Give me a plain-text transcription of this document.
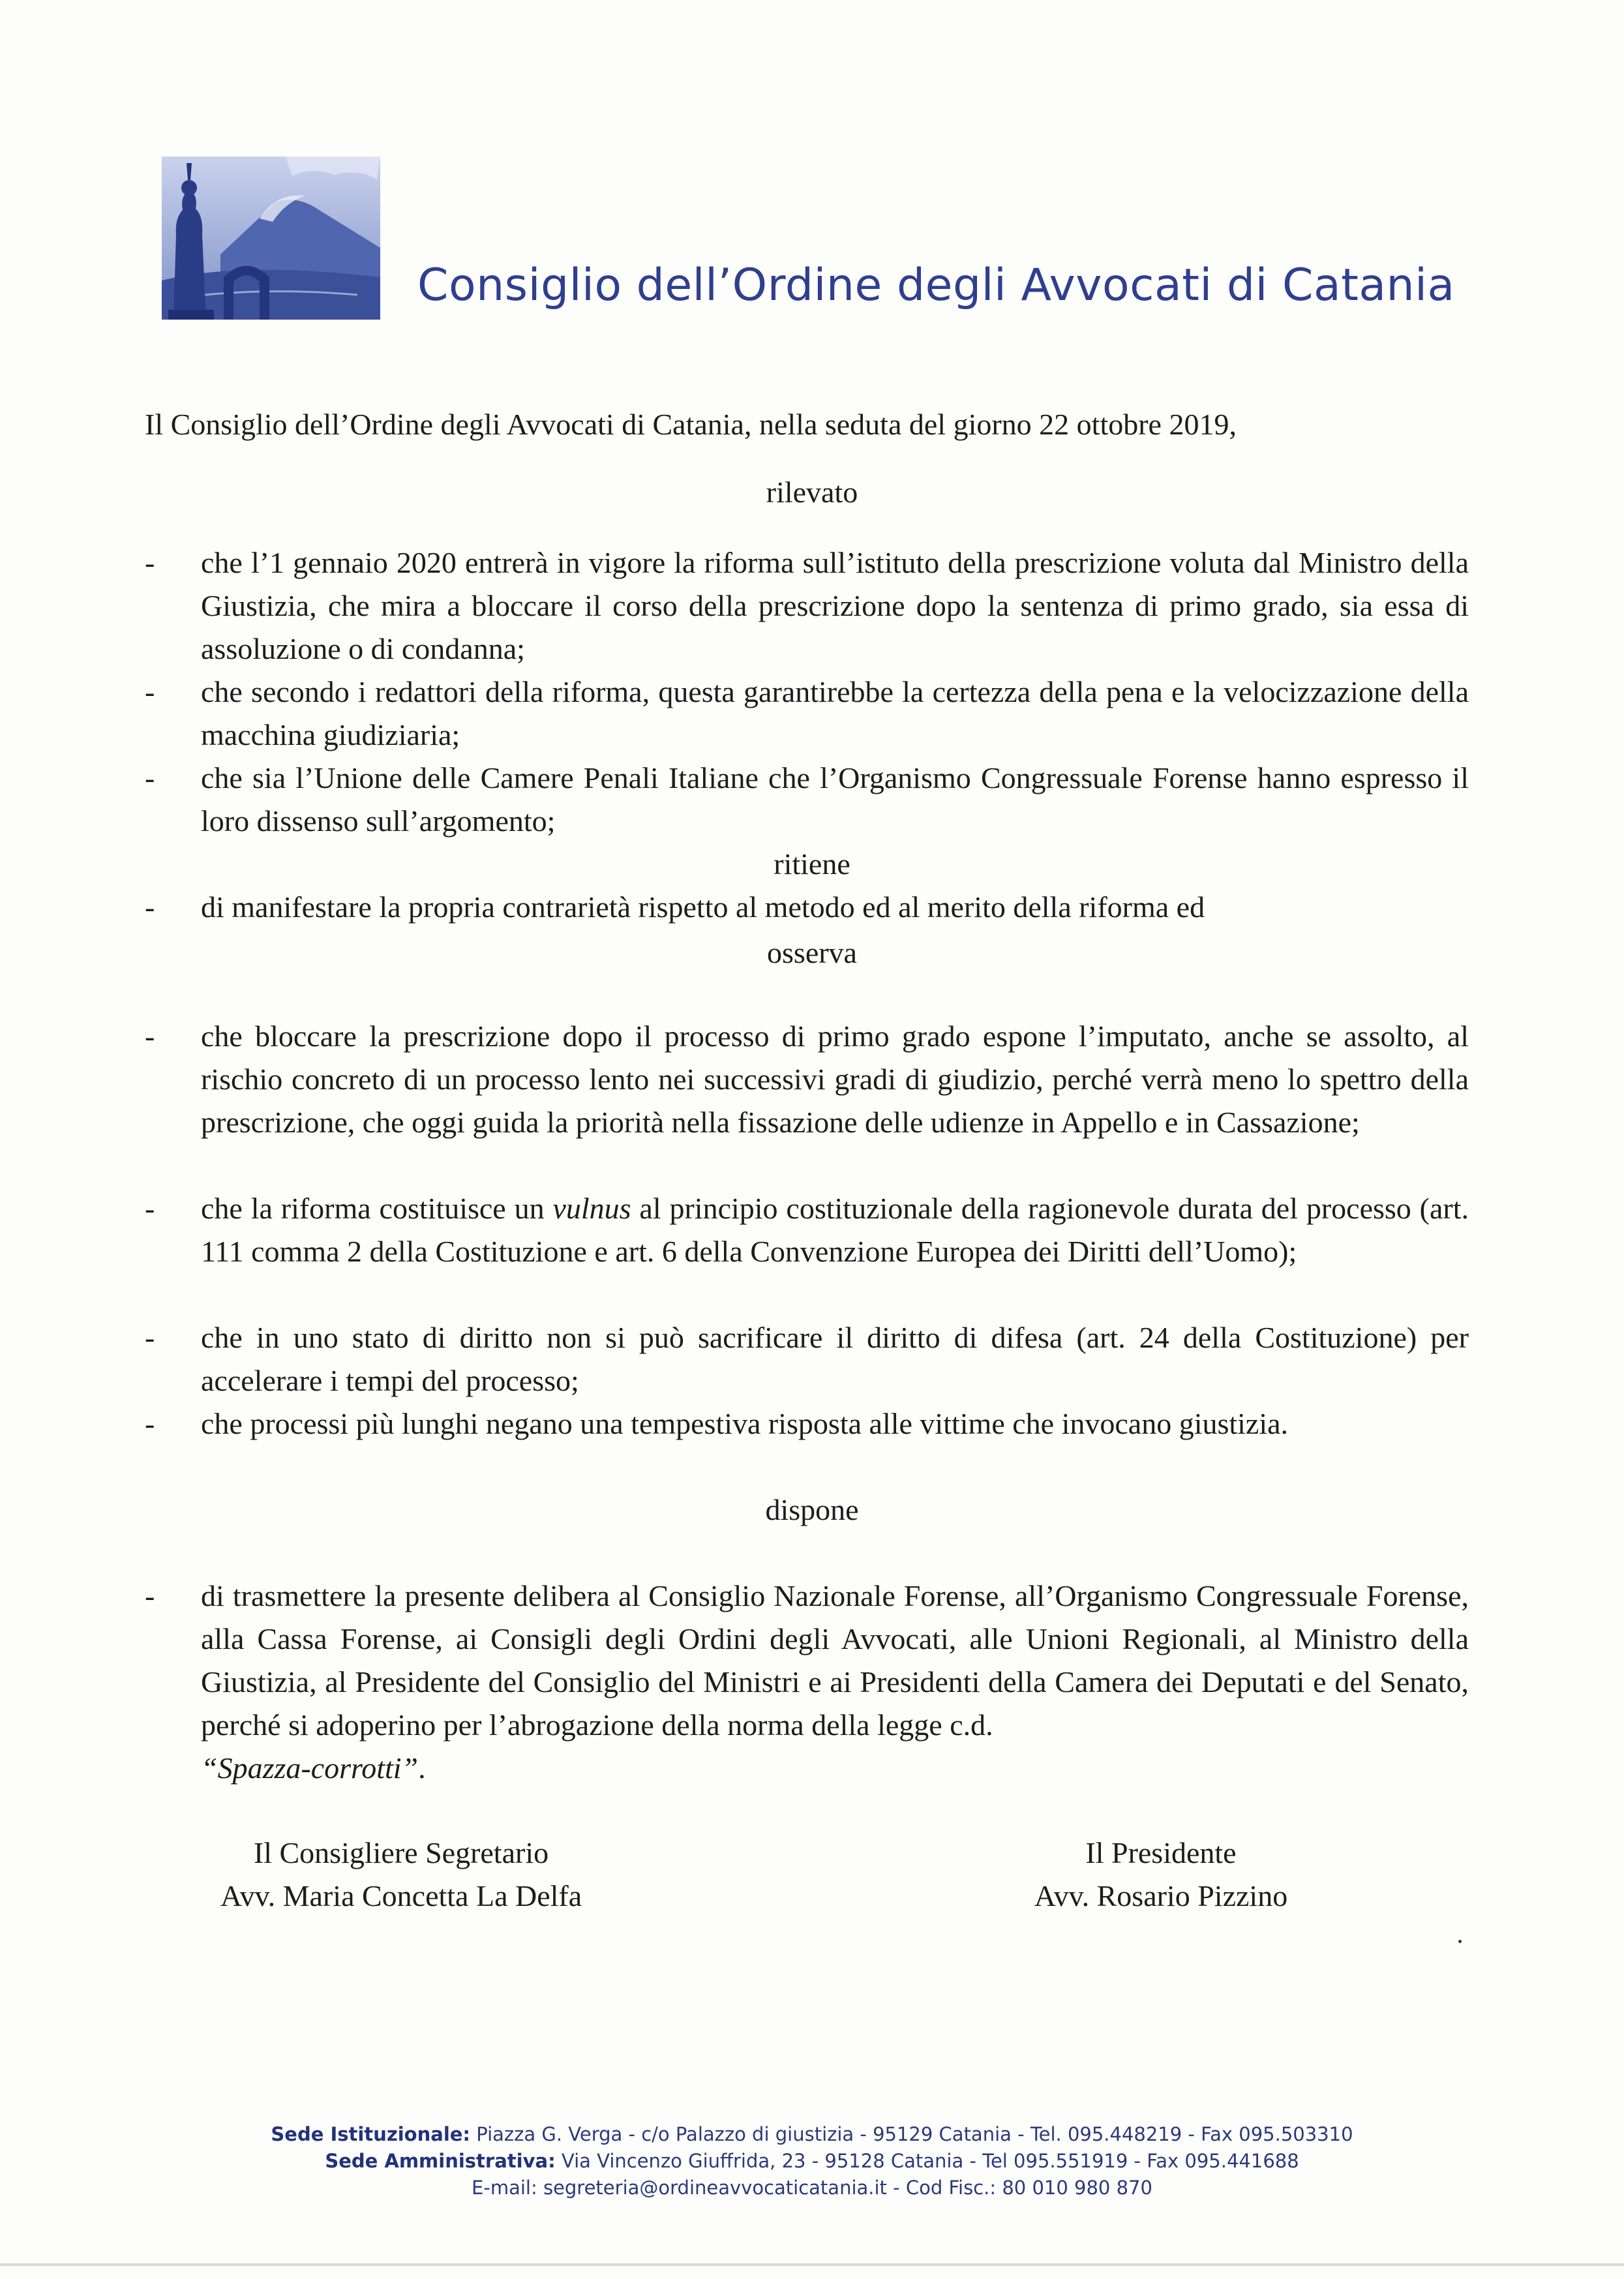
Consiglio dell’Ordine degli Avvocati di Catania
Il Consiglio dell’Ordine degli Avvocati di Catania, nella seduta del giorno 22 ottobre 2019,
rilevato
-	che l’1 gennaio 2020 entrerà in vigore la riforma sull’istituto della prescrizione voluta dal Ministro della Giustizia, che mira a bloccare il corso della prescrizione dopo la sentenza di primo grado, sia essa di assoluzione o di condanna;
-	che secondo i redattori della riforma, questa garantirebbe la certezza della pena e la velocizzazione della macchina giudiziaria;
-	che sia l’Unione delle Camere Penali Italiane che l’Organismo Congressuale Forense hanno espresso il loro dissenso sull’argomento;
ritiene
-	di manifestare la propria contrarietà rispetto al metodo ed al merito della riforma ed
osserva
-	che bloccare la prescrizione dopo il processo di primo grado espone l’imputato, anche se assolto, al rischio concreto di un processo lento nei successivi gradi di giudizio, perché verrà meno lo spettro della prescrizione, che oggi guida la priorità nella fissazione delle udienze in Appello e in Cassazione;
-	che la riforma costituisce un vulnus al principio costituzionale della ragionevole durata del processo (art. 111 comma 2 della Costituzione e art. 6 della Convenzione Europea dei Diritti dell’Uomo);
-	che in uno stato di diritto non si può sacrificare il diritto di difesa (art. 24 della Costituzione) per accelerare i tempi del processo;
-	che processi più lunghi negano una tempestiva risposta alle vittime che invocano giustizia.
dispone
-	di trasmettere la presente delibera al Consiglio Nazionale Forense, all’Organismo Congressuale Forense, alla Cassa Forense, ai Consigli degli Ordini degli Avvocati, alle Unioni Regionali, al Ministro della Giustizia, al Presidente del Consiglio del Ministri e ai Presidenti della Camera dei Deputati e del Senato, perché si adoperino per l’abrogazione della norma della legge c.d.
“Spazza-corrotti”.
Il Consigliere Segretario
Avv. Maria Concetta La Delfa
Il Presidente
Avv. Rosario Pizzino
Sede Istituzionale: Piazza G. Verga - c/o Palazzo di giustizia - 95129 Catania - Tel. 095.448219 - Fax 095.503310
Sede Amministrativa: Via Vincenzo Giuffrida, 23 - 95128 Catania - Tel 095.551919 - Fax 095.441688
E-mail: segreteria@ordineavvocaticatania.it - Cod Fisc.: 80 010 980 870
